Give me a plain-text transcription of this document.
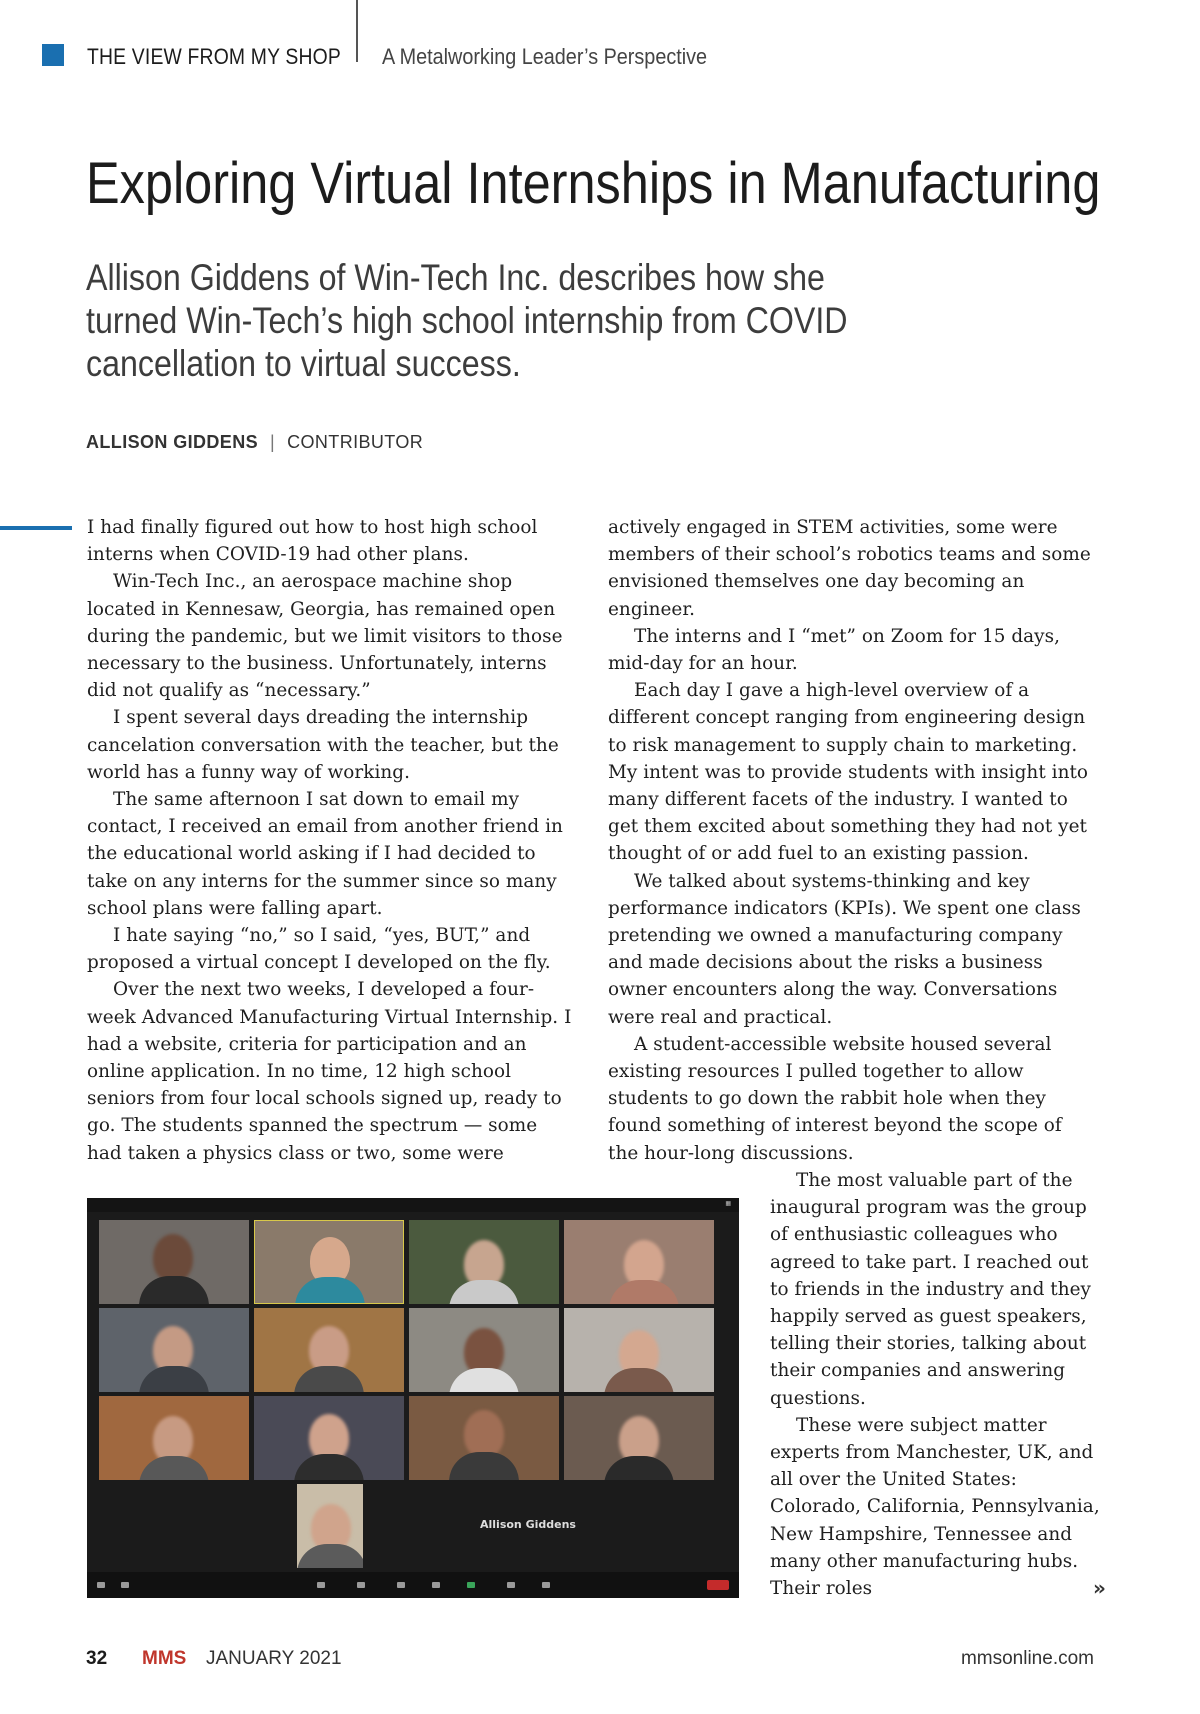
THE VIEW FROM MY SHOP A Metalworking Leader’s Perspective
Exploring Virtual Internships in Manufacturing

Allison Giddens of Win-Tech Inc. describes how she turned Win-Tech’s high school internship from COVID cancellation to virtual success.

ALLISON GIDDENS | CONTRIBUTOR

I had finally figured out how to host high school interns when COVID-19 had other plans.

Win-Tech Inc., an aerospace machine shop located in Kennesaw, Georgia, has remained open during the pandemic, but we limit visitors to those necessary to the business. Unfortunately, interns did not qualify as “necessary.”

I spent several days dreading the internship cancelation conversation with the teacher, but the world has a funny way of working.

The same afternoon I sat down to email my contact, I received an email from another friend in the educational world asking if I had decided to take on any interns for the summer since so many school plans were falling apart.

I hate saying “no,” so I said, “yes, BUT,” and proposed a virtual concept I developed on the fly.

Over the next two weeks, I developed a four-week Advanced Manufacturing Virtual Internship. I had a website, criteria for participation and an online application. In no time, 12 high school seniors from four local schools signed up, ready to go. The students spanned the spectrum — some had taken a physics class or two, some were

actively engaged in STEM activities, some were members of their school’s robotics teams and some envisioned themselves one day becoming an engineer.

The interns and I “met” on Zoom for 15 days, mid-day for an hour.

Each day I gave a high-level overview of a different concept ranging from engineering design to risk management to supply chain to marketing. My intent was to provide students with insight into many different facets of the industry. I wanted to get them excited about something they had not yet thought of or add fuel to an existing passion.

We talked about systems-thinking and key performance indicators (KPIs). We spent one class pretending we owned a manufacturing company and made decisions about the risks a business owner encounters along the way. Conversations were real and practical.

A student-accessible website housed several existing resources I pulled together to allow students to go down the rabbit hole when they found something of interest beyond the scope of the hour-long discussions.

▦
Allison Giddens

The most valuable part of the inaugural program was the group of enthusiastic colleagues who agreed to take part. I reached out to friends in the industry and they happily served as guest speakers, telling their stories, talking about their companies and answering questions.

These were subject matter experts from Manchester, UK, and all over the United States: Colorado, California, Pennsylvania, New Hampshire, Tennessee and many other manufacturing hubs. Their roles	»
32 MMS JANUARY 2021	mmsonline.com
